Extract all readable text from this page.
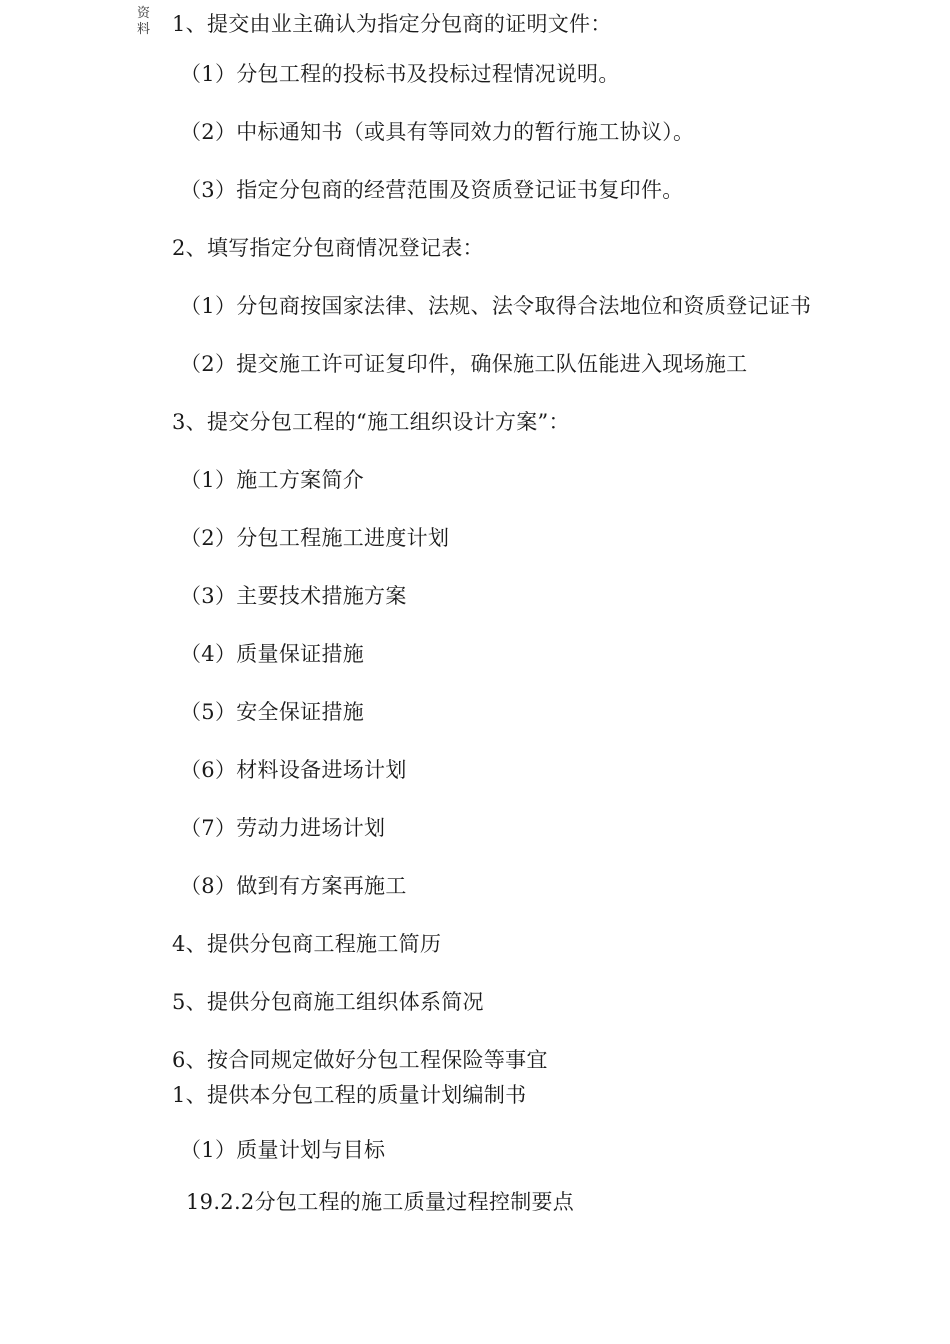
资料 1、提交由业主确认为指定分包商的证明文件：
（1）分包工程的投标书及投标过程情况说明。
（2）中标通知书（或具有等同效力的暂行施工协议）。
（3）指定分包商的经营范围及资质登记证书复印件。
2、填写指定分包商情况登记表：
（1）分包商按国家法律、法规、法令取得合法地位和资质登记证书
（2）提交施工许可证复印件，确保施工队伍能进入现场施工
3、提交分包工程的“施工组织设计方案”：
（1）施工方案简介
（2）分包工程施工进度计划
（3）主要技术措施方案
（4）质量保证措施
（5）安全保证措施
（6）材料设备进场计划
（7）劳动力进场计划
（8）做到有方案再施工
4、提供分包商工程施工简历
5、提供分包商施工组织体系简况
6、按合同规定做好分包工程保险等事宜
1、提供本分包工程的质量计划编制书
（1）质量计划与目标
19.2.2分包工程的施工质量过程控制要点
